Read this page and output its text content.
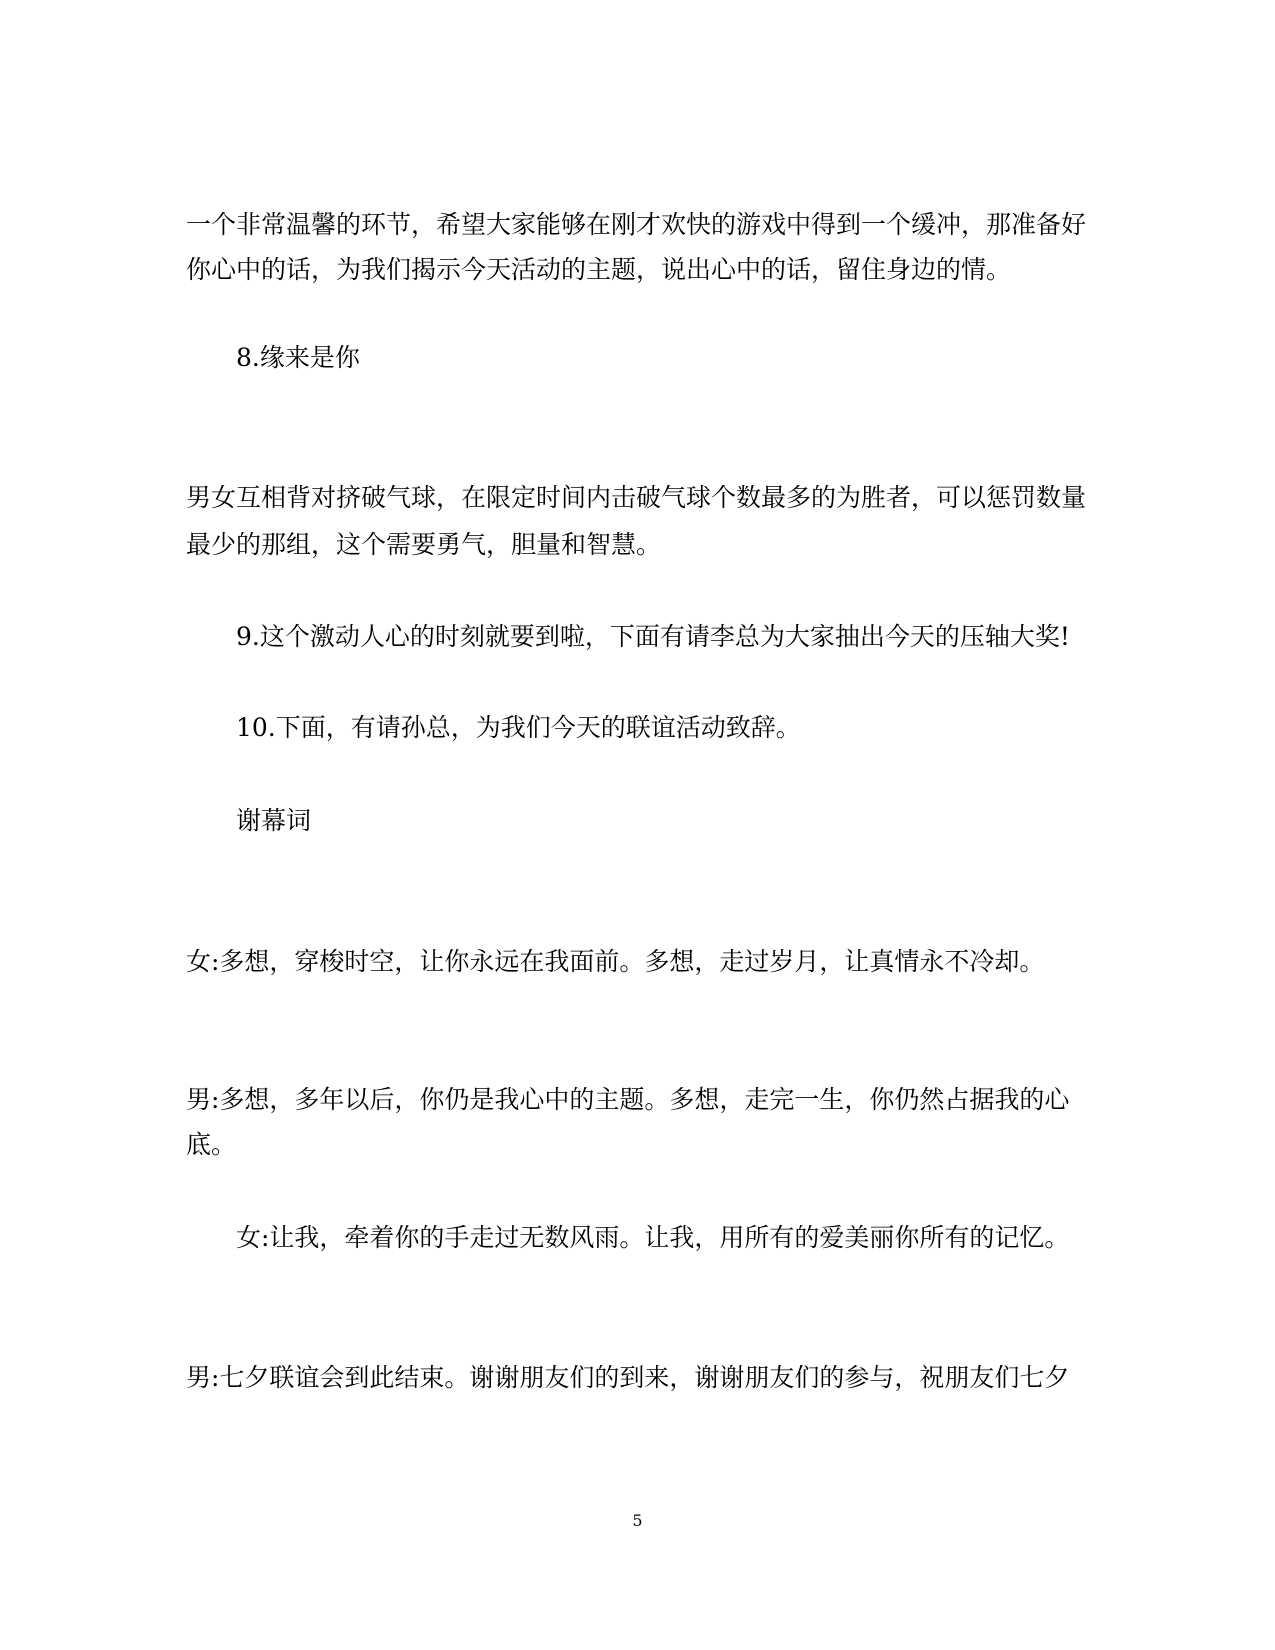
一个非常温馨的环节，希望大家能够在刚才欢快的游戏中得到一个缓冲，那准备好
你心中的话，为我们揭示今天活动的主题，说出心中的话，留住身边的情。
8.缘来是你
男女互相背对挤破气球，在限定时间内击破气球个数最多的为胜者，可以惩罚数量
最少的那组，这个需要勇气，胆量和智慧。
9.这个激动人心的时刻就要到啦，下面有请李总为大家抽出今天的压轴大奖!
10.下面，有请孙总，为我们今天的联谊活动致辞。
谢幕词
女:多想，穿梭时空，让你永远在我面前。多想，走过岁月，让真情永不冷却。
男:多想，多年以后，你仍是我心中的主题。多想，走完一生，你仍然占据我的心
底。
女:让我，牵着你的手走过无数风雨。让我，用所有的爱美丽你所有的记忆。
男:七夕联谊会到此结束。谢谢朋友们的到来，谢谢朋友们的参与，祝朋友们七夕
5
